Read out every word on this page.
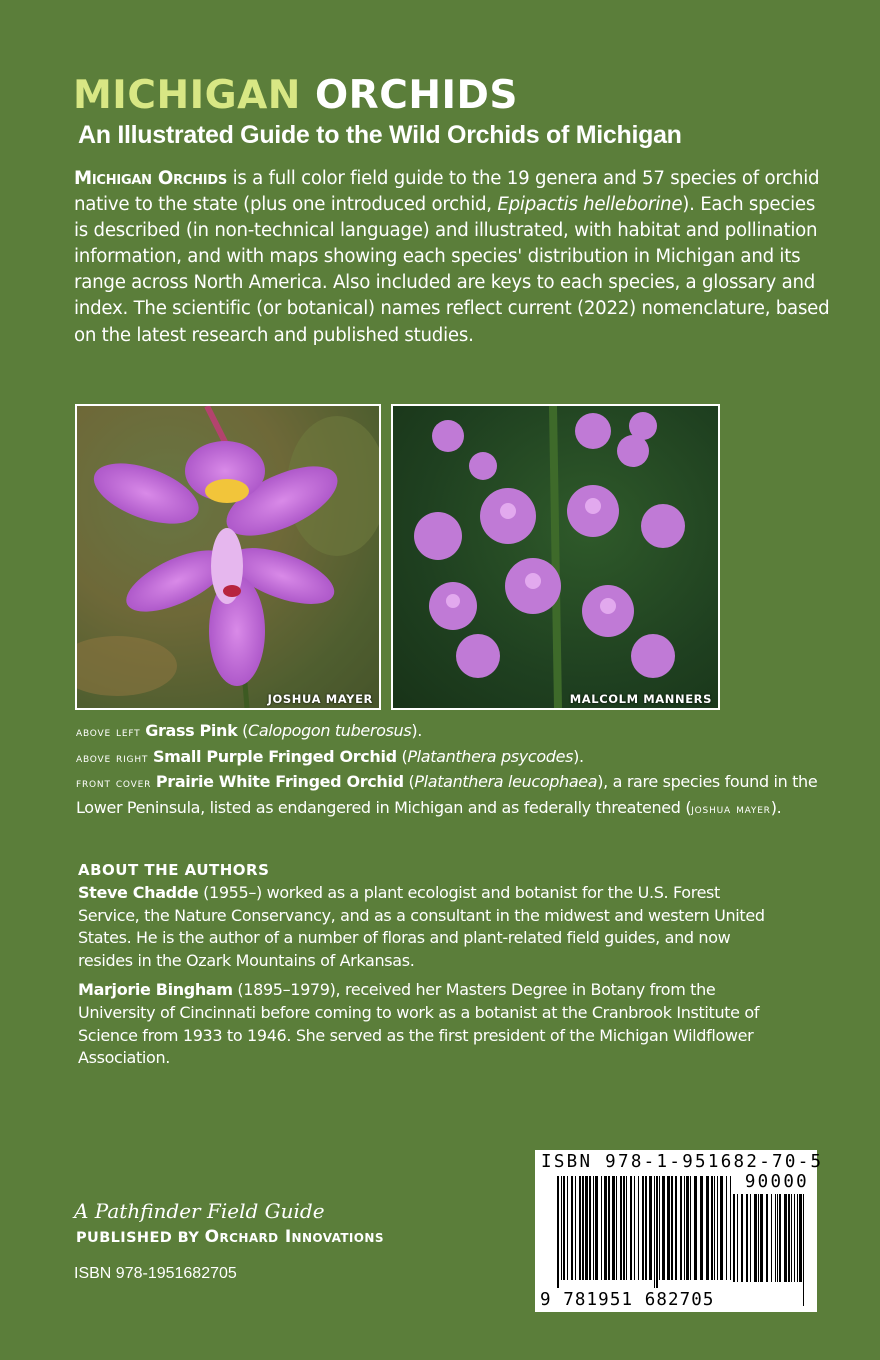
MICHIGAN ORCHIDS
An Illustrated Guide to the Wild Orchids of Michigan

Michigan Orchids is a full color field guide to the 19 genera and 57 species of orchid native to the state (plus one introduced orchid, Epipactis helleborine). Each species is described (in non-technical language) and illustrated, with habitat and pollination information, and with maps showing each species' distribution in Michigan and its range across North America. Also included are keys to each species, a glossary and index. The scientific (or botanical) names reflect current (2022) nomenclature, based on the latest research and published studies.

JOSHUA MAYER	MALCOLM MANNERS
above left Grass Pink (Calopogon tuberosus).
above right Small Purple Fringed Orchid (Platanthera psycodes).
front cover Prairie White Fringed Orchid (Platanthera leucophaea), a rare species found in the Lower Peninsula, listed as endangered in Michigan and as federally threatened (joshua mayer).
ABOUT THE AUTHORS

Steve Chadde (1955–) worked as a plant ecologist and botanist for the U.S. Forest Service, the Nature Conservancy, and as a consultant in the midwest and western United States. He is the author of a number of floras and plant-related field guides, and now resides in the Ozark Mountains of Arkansas.

Marjorie Bingham (1895–1979), received her Masters Degree in Botany from the University of Cincinnati before coming to work as a botanist at the Cranbrook Institute of Science from 1933 to 1946. She served as the first president of the Michigan Wildflower Association.

ISBN 978-1-951682-70-5
90000
9 781951 682705

A Pathfinder Field Guide

PUBLISHED BY Orchard Innovations

ISBN 978-1951682705
